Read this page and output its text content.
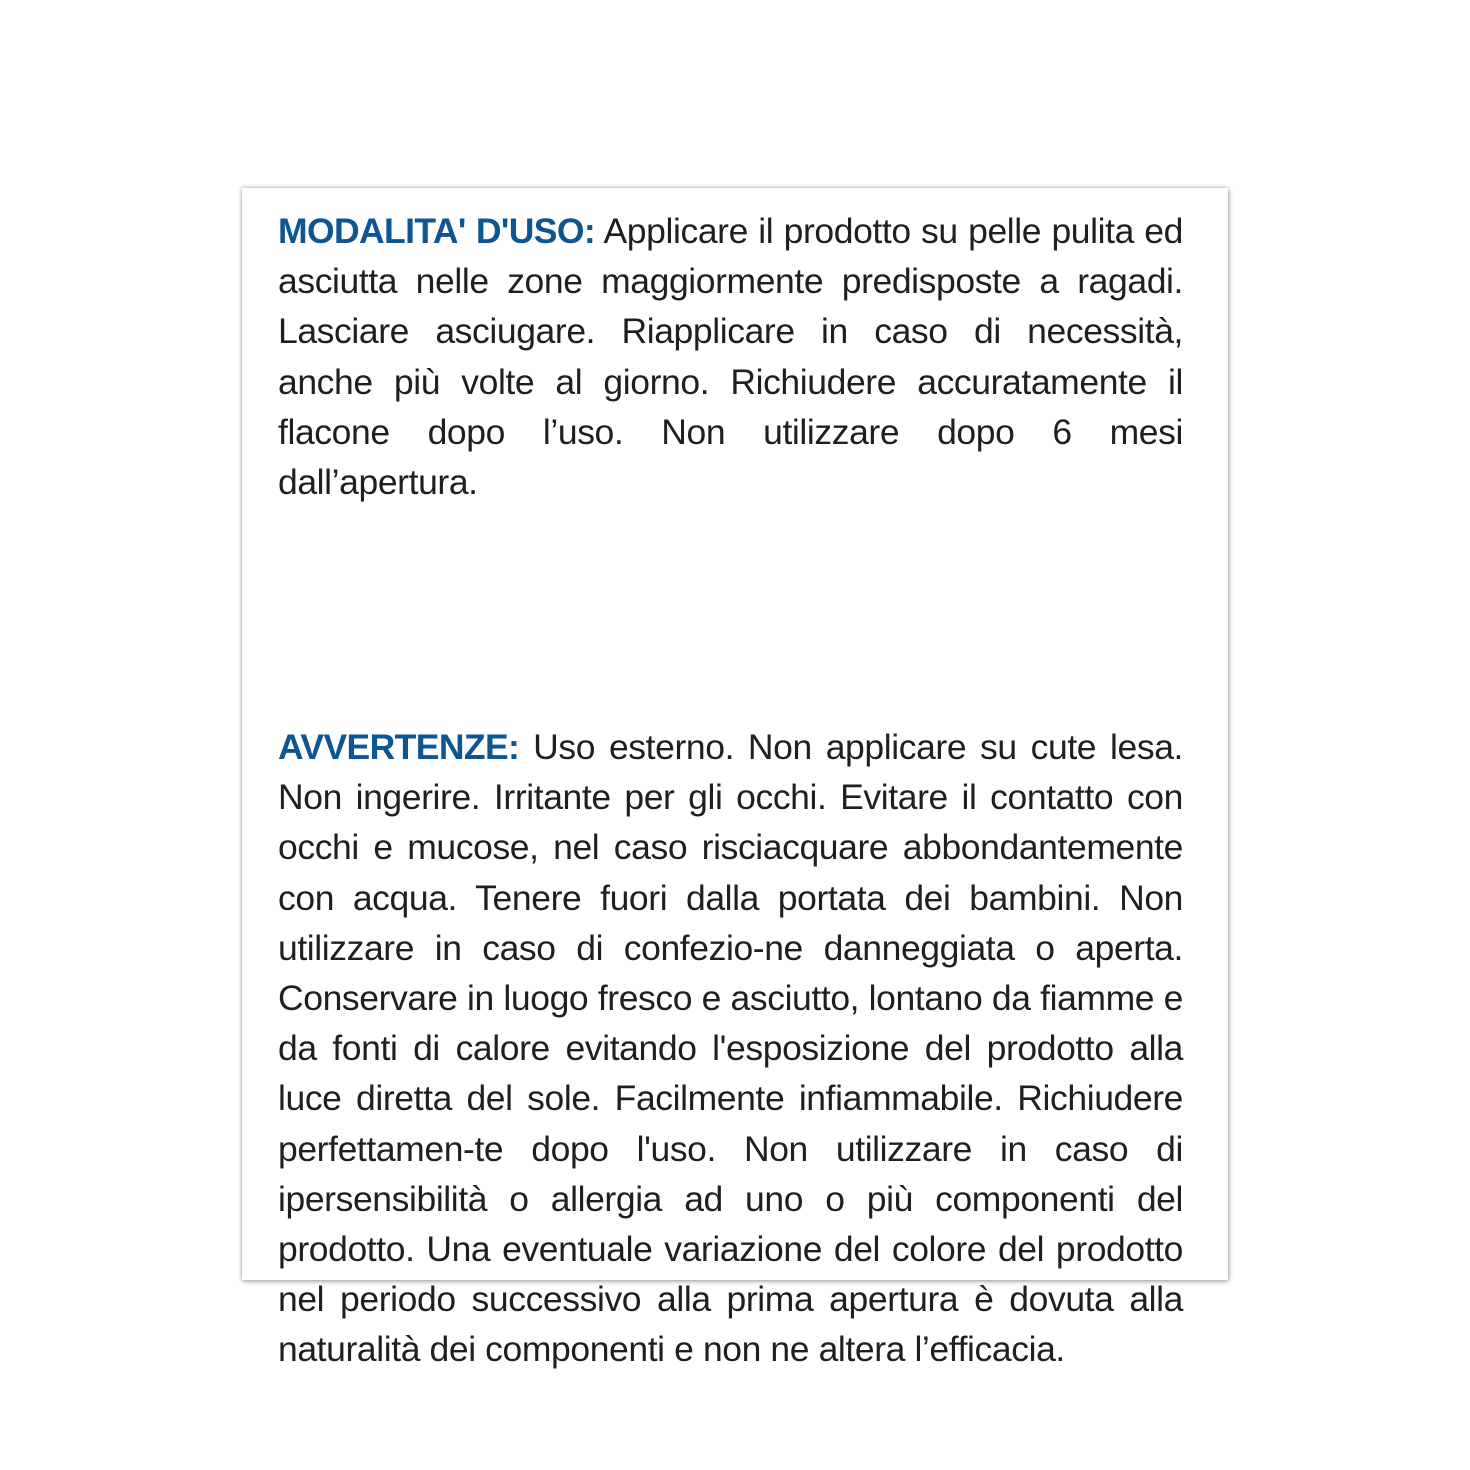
MODALITA' D'USO: Applicare il prodotto su pelle pulita ed asciutta nelle zone maggiormente predisposte a ragadi. Lasciare asciugare. Riapplicare in caso di necessità, anche più volte al giorno. Richiudere accuratamente il flacone dopo l’uso. Non utilizzare dopo 6 mesi dall’apertura.

AVVERTENZE: Uso esterno. Non applicare su cute lesa. Non ingerire. Irritante per gli occhi. Evitare il contatto con occhi e mucose, nel caso risciacquare abbondantemente con acqua. Tenere fuori dalla portata dei bambini. Non utilizzare in caso di confezio-ne danneggiata o aperta. Conservare in luogo fresco e asciutto, lontano da fiamme e da fonti di calore evitando l'esposizione del prodotto alla luce diretta del sole. Facilmente infiammabile. Richiudere perfettamen-te dopo l'uso. Non utilizzare in caso di ipersensibilità o allergia ad uno o più componenti del prodotto. Una eventuale variazione del colore del prodotto nel periodo successivo alla prima apertura è dovuta alla naturalità dei componenti e non ne altera l’efficacia.
